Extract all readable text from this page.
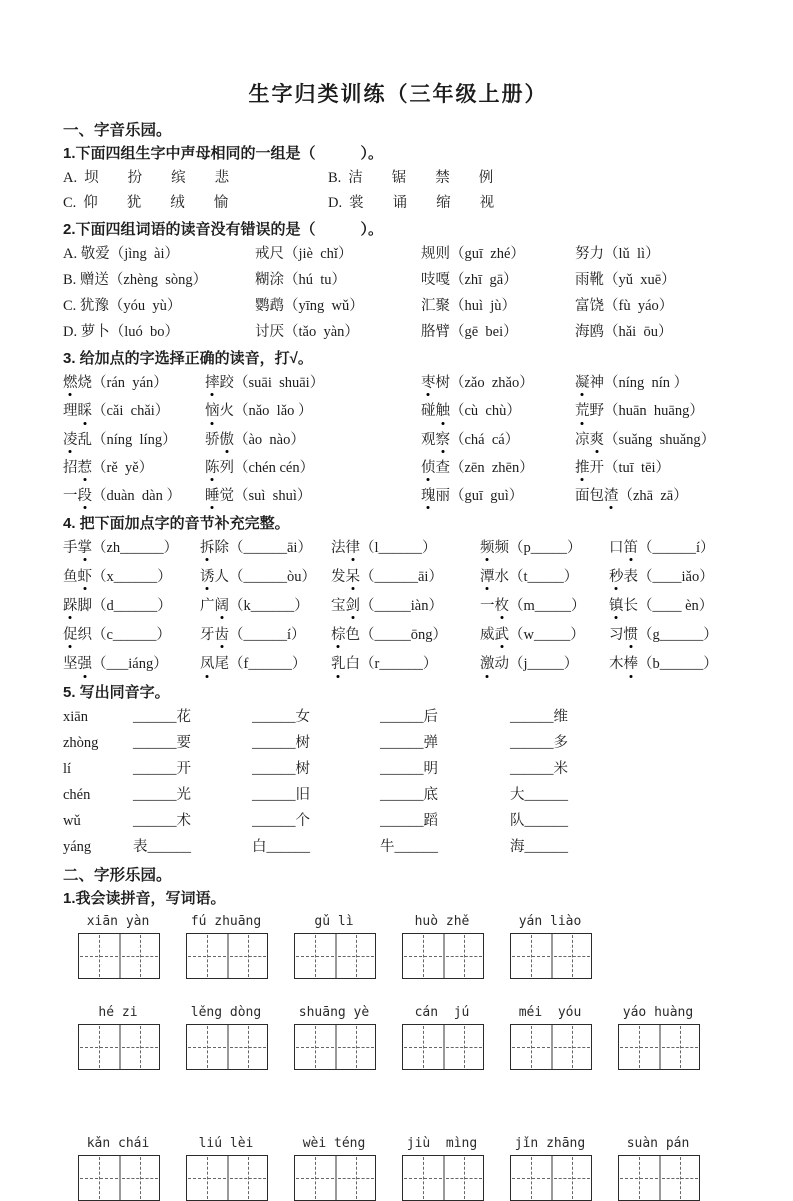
生字归类训练（三年级上册）
一、字音乐园。
1.下面四组生字中声母相同的一组是（　　　）。
A. 坝　　扮　　缤　　悲	B. 洁　　锯　　禁　　例
C. 仰　　犹　　绒　　愉	D. 裳　　诵　　缩　　视
2.下面四组词语的读音没有错误的是（　　　）。
A. 敬爱（jìng  ài）	戒尺（jiè  chǐ）	规则（guī  zhé）	努力（lǔ  lì）
B. 赠送（zhèng  sòng）	糊涂（hú  tu）	吱嘎（zhī  gā）	雨靴（yǔ  xuē）
C. 犹豫（yóu  yù）	鹦鹉（yīng  wǔ）	汇聚（huì  jù）	富饶（fù  yáo）
D. 萝卜（luó  bo）	讨厌（tǎo  yàn）	胳臂（gē  bei）	海鸥（hǎi  ōu）
3. 给加点的字选择正确的读音，打√。
燃烧（rán  yán）	摔跤（suāi  shuāi）	枣树（zǎo  zhǎo）	凝神（níng  nín ）
理睬（cǎi  chǎi）	恼火（nǎo  lǎo ）	碰触（cù  chù）	荒野（huān  huāng）
凌乱（níng  líng）	骄傲（ào  nào）	观察（chá  cá）	凉爽（suǎng  shuǎng）
招惹（rě  yě）	陈列（chén cén）	侦查（zēn  zhēn）	推开（tuī  tēi）
一段（duàn  dàn ）	睡觉（suì  shuì）	瑰丽（guī  guì）	面包渣（zhā  zā）
4. 把下面加点字的音节补充完整。
手掌（zh______）	拆除（______āi）	法律（l______）	频频（p_____）	口笛（______í）
鱼虾（x______）	诱人（______òu）	发呆（______āi）	潭水（t_____）	秒表（____iǎo）
跺脚（d______）	广阔（k______）	宝剑（_____iàn）	一枚（m_____）	镇长（____ èn）
促织（c______）	牙齿（______í）	棕色（_____ōng）	威武（w_____）	习惯（g______）
坚强（___iáng）	凤尾（f______）	乳白（r______）	激动（j_____）	木棒（b______）
5. 写出同音字。
xiān	______花	______女	______后	______维
zhòng	______要	______树	______弹	______多
lí	______开	______树	______明	______米
chén	______光	______旧	______底	大______
wǔ	______术	______个	______蹈	队______
yáng	表______	白______	牛______	海______
二、字形乐园。
1.我会读拼音，写词语。
xiān yàn	fú zhuāng	gǔ lì	huò zhě	yán liào
hé zi	lěng dòng	shuāng yè	cán  jú	méi  yóu	yáo huàng
kǎn chái	liú lèi	wèi téng	jiù  mìng	jǐn zhāng	suàn pán
